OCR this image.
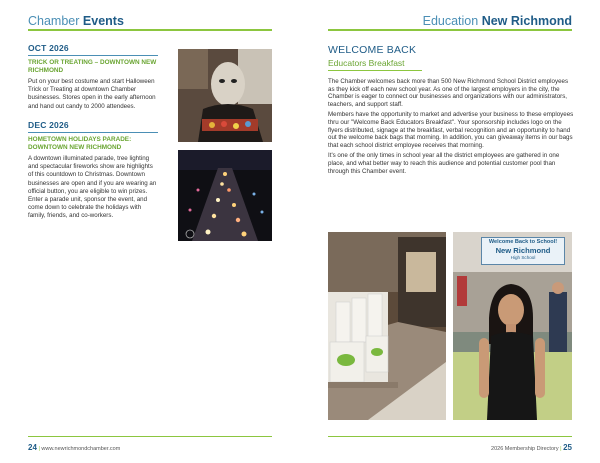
Chamber Events
OCT 2026
TRICK OR TREATING – DOWNTOWN NEW RICHMOND
Put on your best costume and start Halloween Trick or Treating at downtown Chamber businesses. Stores open in the early afternoon and hand out candy to 2000 attendees.
DEC 2026
HOMETOWN HOLIDAYS PARADE: DOWNTOWN NEW RICHMOND
A downtown illuminated parade, tree lighting and spectacular fireworks show are highlights of this countdown to Christmas. Downtown businesses are open and if you are wearing an official button, you are eligible to win prizes. Enter a parade unit, sponsor the event, and come down to celebrate the holidays with family, friends, and co-workers.
24 | www.newrichmondchamber.com
Education New Richmond
WELCOME BACK
Educators Breakfast

The Chamber welcomes back more than 500 New Richmond School District employees as they kick off each new school year. As one of the largest employers in the city, the Chamber is eager to connect our businesses and organizations with our administrators, teachers, and support staff.

Members have the opportunity to market and advertise your business to these employees thru our "Welcome Back Educators Breakfast". Your sponsorship includes logo on the flyers distributed, signage at the breakfast, verbal recognition and an opportunity to hand out the welcome back bags that morning. In addition, you can giveaway items in our bags that each school district employee receives that morning.

It's one of the only times in school year all the district employees are gathered in one place, and what better way to reach this audience and potential customer pool than through this Chamber event.

Welcome Back to School!
New Richmond
High School
2026 Membership Directory | 25
